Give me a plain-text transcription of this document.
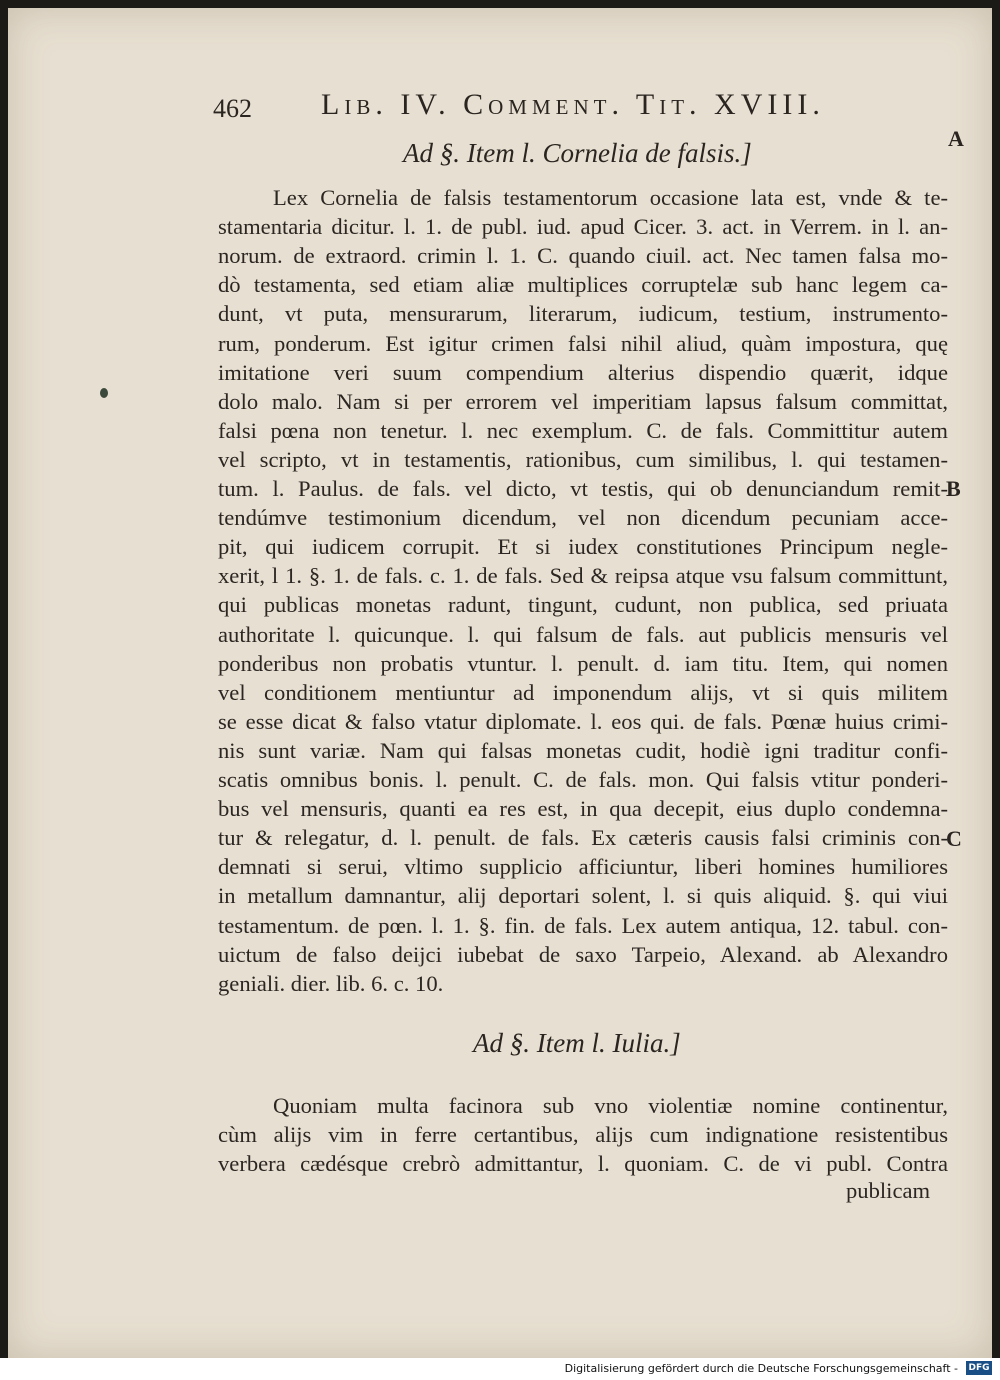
462 Lib. IV. Comment. Tit. XVIII.
A
B
C
Ad §. Item l. Cornelia de falsis.]
Lex Cornelia de falsis testamentorum occasione lata est, vnde & te-
stamentaria dicitur. l. 1. de publ. iud. apud Cicer. 3. act. in Verrem. in l. an-
norum. de extraord. crimin l. 1. C. quando ciuil. act. Nec tamen falsa mo-
dò testamenta, sed etiam aliæ multiplices corruptelæ sub hanc legem ca-
dunt, vt puta, mensurarum, literarum, iudicum, testium, instrumento-
rum, ponderum. Est igitur crimen falsi nihil aliud, quàm impostura, quę
imitatione veri suum compendium alterius dispendio quærit, idque
dolo malo. Nam si per errorem vel imperitiam lapsus falsum committat,
falsi pœna non tenetur. l. nec exemplum. C. de fals. Committitur autem
vel scripto, vt in testamentis, rationibus, cum similibus, l. qui testamen-
tum. l. Paulus. de fals. vel dicto, vt testis, qui ob denunciandum remit-
tendúmve testimonium dicendum, vel non dicendum pecuniam acce-
pit, qui iudicem corrupit. Et si iudex constitutiones Principum negle-
xerit, l 1. §. 1. de fals. c. 1. de fals. Sed & reipsa atque vsu falsum committunt,
qui publicas monetas radunt, tingunt, cudunt, non publica, sed priuata
authoritate l. quicunque. l. qui falsum de fals. aut publicis mensuris vel
ponderibus non probatis vtuntur. l. penult. d. iam titu. Item, qui nomen
vel conditionem mentiuntur ad imponendum alijs, vt si quis militem
se esse dicat & falso vtatur diplomate. l. eos qui. de fals. Pœnæ huius crimi-
nis sunt variæ. Nam qui falsas monetas cudit, hodiè igni traditur confi-
scatis omnibus bonis. l. penult. C. de fals. mon. Qui falsis vtitur ponderi-
bus vel mensuris, quanti ea res est, in qua decepit, eius duplo condemna-
tur & relegatur, d. l. penult. de fals. Ex cæteris causis falsi criminis con-
demnati si serui, vltimo supplicio afficiuntur, liberi homines humiliores
in metallum damnantur, alij deportari solent, l. si quis aliquid. §. qui viui
testamentum. de pœn. l. 1. §. fin. de fals. Lex autem antiqua, 12. tabul. con-
uictum de falso deijci iubebat de saxo Tarpeio, Alexand. ab Alexandro
geniali. dier. lib. 6. c. 10.
Ad §. Item l. Iulia.]
Quoniam multa facinora sub vno violentiæ nomine continentur,
cùm alijs vim in ferre certantibus, alijs cum indignatione resistentibus
verbera cædésque crebrò admittantur, l. quoniam. C. de vi publ. Contra
publicam
Digitalisierung gefördert durch die Deutsche Forschungsgemeinschaft - DFG
